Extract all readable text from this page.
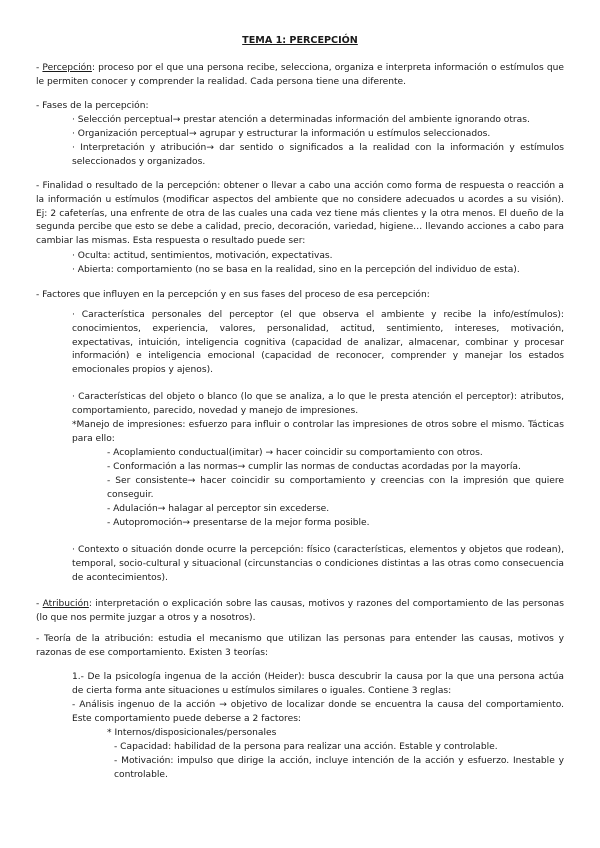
TEMA 1: PERCEPCIÓN

- Percepción: proceso por el que una persona recibe, selecciona, organiza e interpreta información o estímulos que le permiten conocer y comprender la realidad. Cada persona tiene una diferente.

- Fases de la percepción:

· Selección perceptual→ prestar atención a determinadas información del ambiente ignorando otras.

· Organización perceptual→ agrupar y estructurar la información u estímulos seleccionados.

· Interpretación y atribución→ dar sentido o significados a la realidad con la información y estímulos seleccionados y organizados.

- Finalidad o resultado de la percepción: obtener o llevar a cabo una acción como forma de respuesta o reacción a la información u estímulos (modificar aspectos del ambiente que no considere adecuados u acordes a su visión). Ej: 2 cafeterías, una enfrente de otra de las cuales una cada vez tiene más clientes y la otra menos. El dueño de la segunda percibe que esto se debe a calidad, precio, decoración, variedad, higiene… llevando acciones a cabo para cambiar las mismas. Esta respuesta o resultado puede ser:

· Oculta: actitud, sentimientos, motivación, expectativas.

· Abierta: comportamiento (no se basa en la realidad, sino en la percepción del individuo de esta).

- Factores que influyen en la percepción y en sus fases del proceso de esa percepción:

· Característica personales del perceptor (el que observa el ambiente y recibe la info/estímulos): conocimientos, experiencia, valores, personalidad, actitud, sentimiento, intereses, motivación, expectativas, intuición, inteligencia cognitiva (capacidad de analizar, almacenar, combinar y procesar información) e inteligencia emocional (capacidad de reconocer, comprender y manejar los estados emocionales propios y ajenos).

· Características del objeto o blanco (lo que se analiza, a lo que le presta atención el perceptor): atributos, comportamiento, parecido, novedad y manejo de impresiones.

*Manejo de impresiones: esfuerzo para influir o controlar las impresiones de otros sobre el mismo. Tácticas para ello:

- Acoplamiento conductual(imitar) → hacer coincidir su comportamiento con otros.

- Conformación a las normas→ cumplir las normas de conductas acordadas por la mayoría.

- Ser consistente→ hacer coincidir su comportamiento y creencias con la impresión que quiere conseguir.

- Adulación→ halagar al perceptor sin excederse.

- Autopromoción→ presentarse de la mejor forma posible.

· Contexto o situación donde ocurre la percepción: físico (características, elementos y objetos que rodean), temporal, socio-cultural y situacional (circunstancias o condiciones distintas a las otras como consecuencia de acontecimientos).

- Atribución: interpretación o explicación sobre las causas, motivos y razones del comportamiento de las personas (lo que nos permite juzgar a otros y a nosotros).

- Teoría de la atribución: estudia el mecanismo que utilizan las personas para entender las causas, motivos y razonas de ese comportamiento. Existen 3 teorías:

1.- De la psicología ingenua de la acción (Heider): busca descubrir la causa por la que una persona actúa de cierta forma ante situaciones u estímulos similares o iguales. Contiene 3 reglas:

- Análisis ingenuo de la acción → objetivo de localizar donde se encuentra la causa del comportamiento. Este comportamiento puede deberse a 2 factores:

* Internos/disposicionales/personales

- Capacidad: habilidad de la persona para realizar una acción. Estable y controlable.

- Motivación: impulso que dirige la acción, incluye intención de la acción y esfuerzo. Inestable y controlable.
